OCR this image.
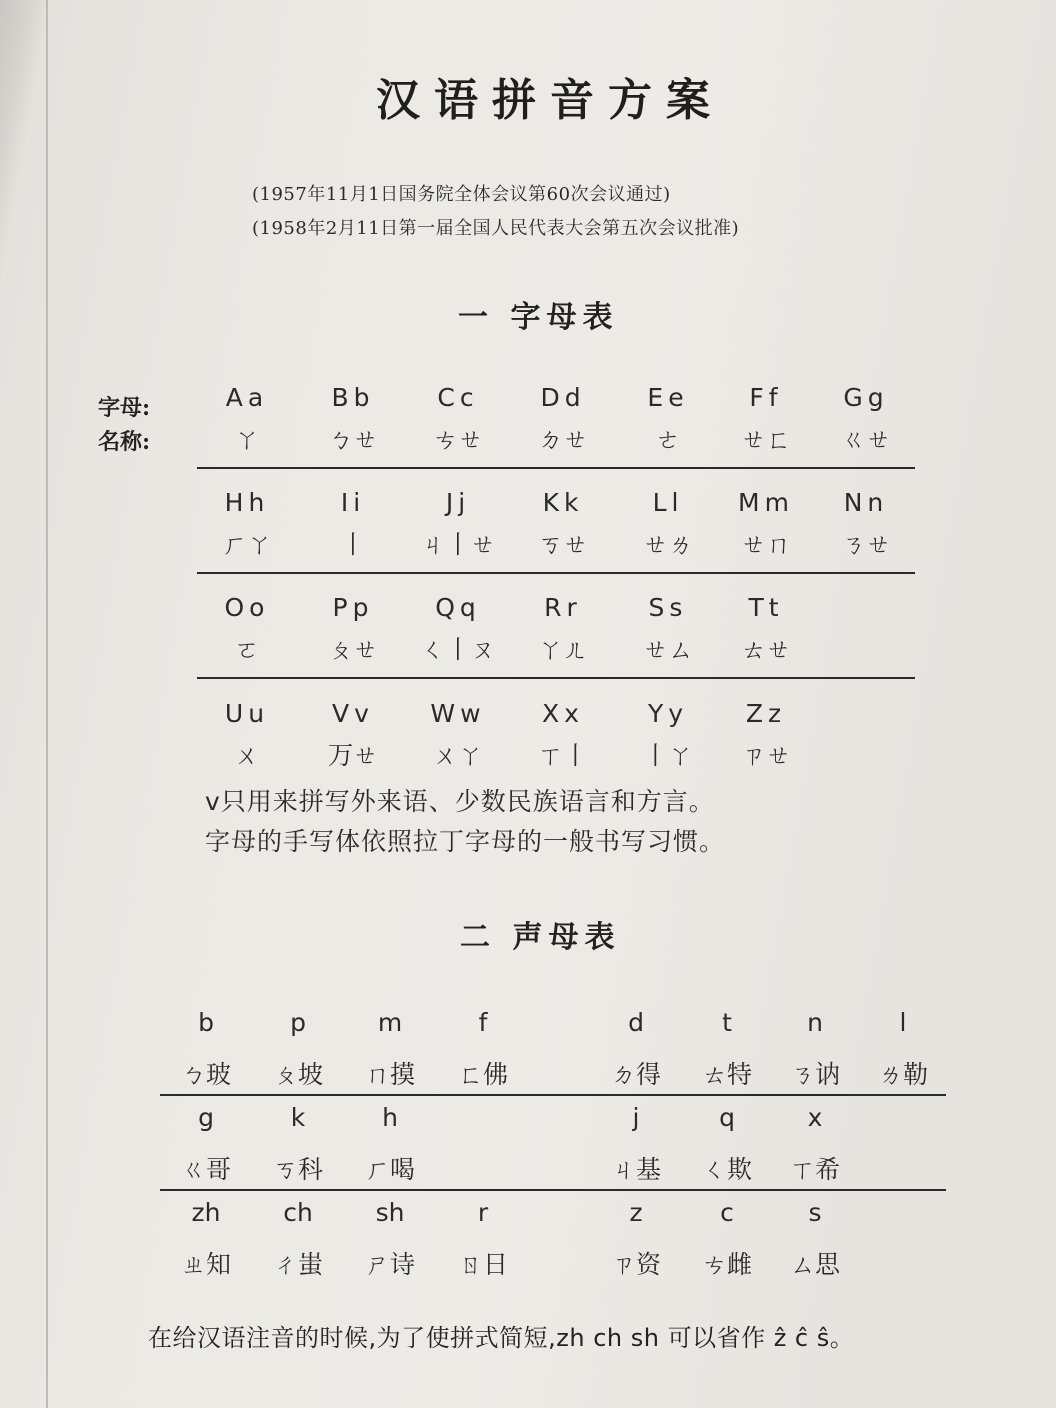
汉语拼音方案
(1957年11月1日国务院全体会议第60次会议通过)
(1958年2月11日第一届全国人民代表大会第五次会议批准)
一 字母表
字母:
名称:
Aa
ㄚ
Bb
ㄅㄝ
Cc
ㄘㄝ
Dd
ㄉㄝ
Ee
ㄜ
Ff
ㄝㄈ
Gg
ㄍㄝ
Hh
ㄏㄚ
Ii
丨
Jj
ㄐ丨ㄝ
Kk
ㄎㄝ
Ll
ㄝㄌ
Mm
ㄝㄇ
Nn
ㄋㄝ
Oo
ㄛ
Pp
ㄆㄝ
Qq
ㄑ丨ㄡ
Rr
ㄚㄦ
Ss
ㄝㄙ
Tt
ㄊㄝ
Uu
ㄨ
Vv
ㄪㄝ
Ww
ㄨㄚ
Xx
ㄒ丨
Yy
丨ㄚ
Zz
ㄗㄝ
v只用来拼写外来语、少数民族语言和方言。
字母的手写体依照拉丁字母的一般书写习惯。
二 声母表
b
ㄅ玻
p
ㄆ坡
m
ㄇ摸
f
ㄈ佛
d
ㄉ得
t
ㄊ特
n
ㄋ讷
l
ㄌ勒
g
ㄍ哥
k
ㄎ科
h
ㄏ喝
j
ㄐ基
q
ㄑ欺
x
ㄒ希
zh
ㄓ知
ch
ㄔ蚩
sh
ㄕ诗
r
ㄖ日
z
ㄗ资
c
ㄘ雌
s
ㄙ思
在给汉语注音的时候,为了使拼式简短,zh ch sh 可以省作 ẑ ĉ ŝ。
